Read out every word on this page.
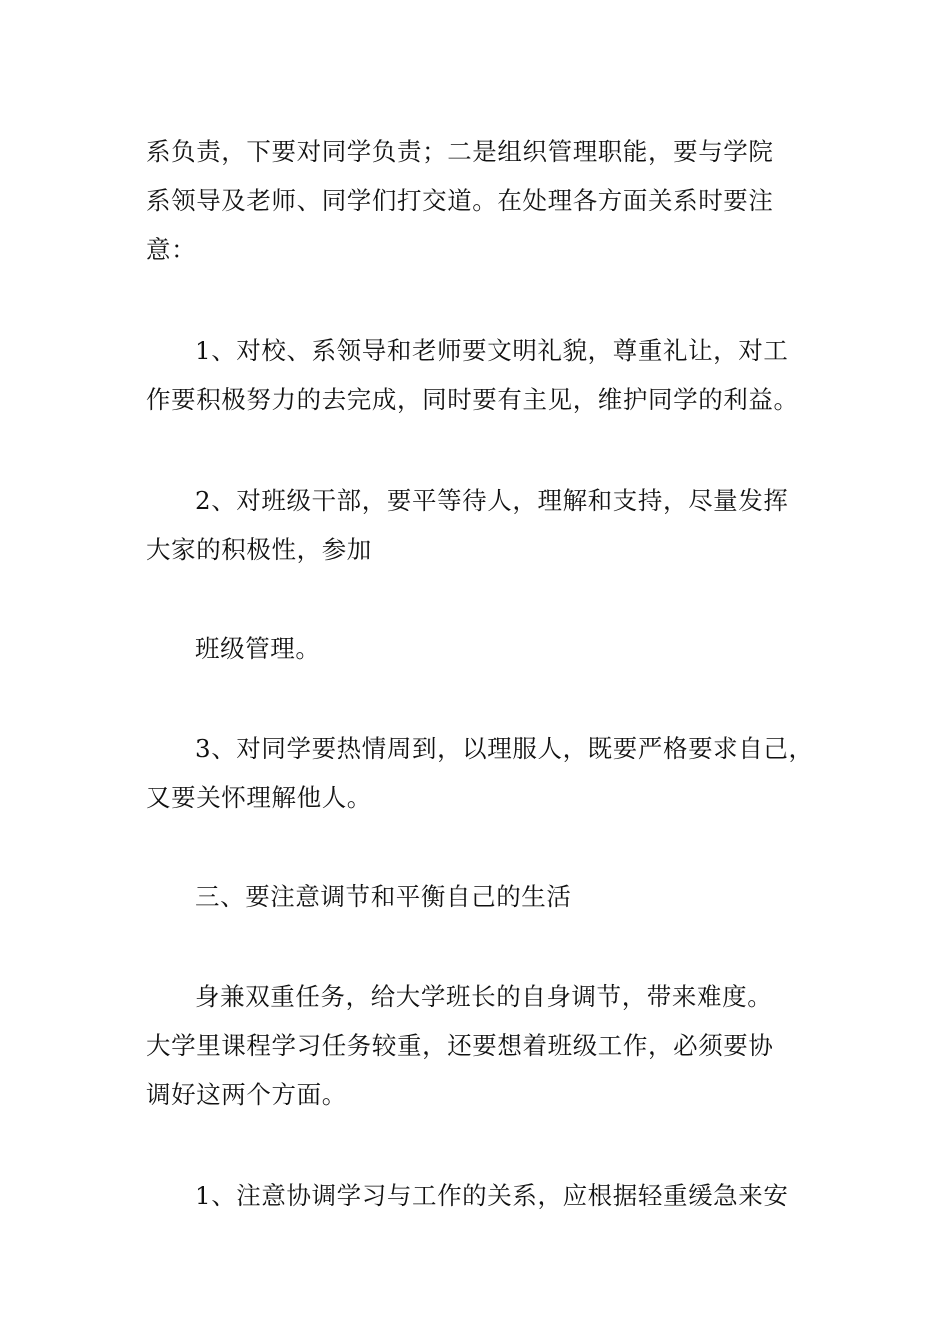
系负责，下要对同学负责；二是组织管理职能，要与学院
系领导及老师、同学们打交道。在处理各方面关系时要注
意：
1、对校、系领导和老师要文明礼貌，尊重礼让，对工
作要积极努力的去完成，同时要有主见，维护同学的利益。
2、对班级干部，要平等待人，理解和支持，尽量发挥
大家的积极性，参加
班级管理。
3、对同学要热情周到，以理服人，既要严格要求自己，
又要关怀理解他人。
三、要注意调节和平衡自己的生活
身兼双重任务，给大学班长的自身调节，带来难度。
大学里课程学习任务较重，还要想着班级工作，必须要协
调好这两个方面。
1、注意协调学习与工作的关系，应根据轻重缓急来安
